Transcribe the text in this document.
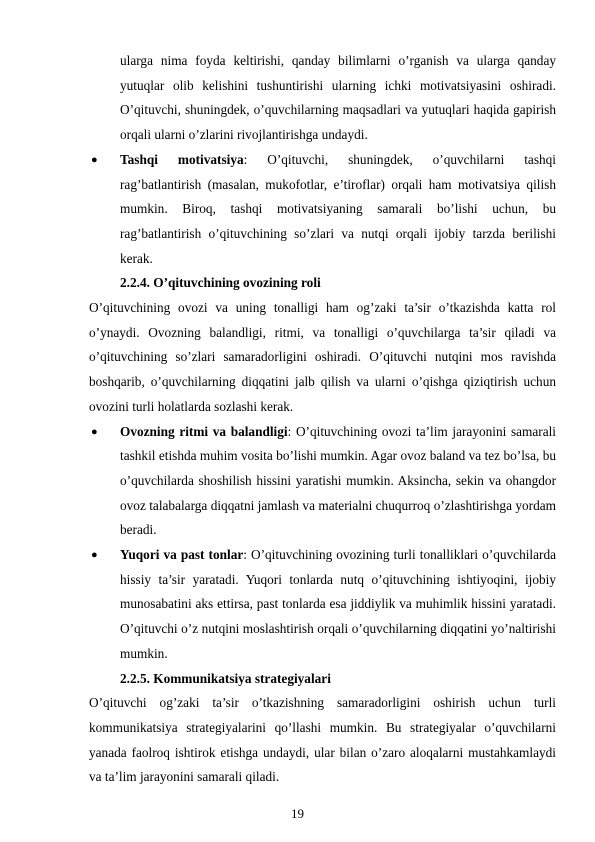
ularga nima foyda keltirishi, qanday bilimlarni o’rganish va ularga qanday yutuqlar olib kelishini tushuntirishi ularning ichki motivatsiyasini oshiradi. O’qituvchi, shuningdek, o’quvchilarning maqsadlari va yutuqlari haqida gapirish orqali ularni o’zlarini rivojlantirishga undaydi.

● Tashqi motivatsiya: O’qituvchi, shuningdek, o’quvchilarni tashqi rag’batlantirish (masalan, mukofotlar, e’tiroflar) orqali ham motivatsiya qilish mumkin. Biroq, tashqi motivatsiyaning samarali bo’lishi uchun, bu rag’batlantirish o’qituvchining so’zlari va nutqi orqali ijobiy tarzda berilishi kerak.

2.2.4. O’qituvchining ovozining roli

O’qituvchining ovozi va uning tonalligi ham og’zaki ta’sir o’tkazishda katta rol o’ynaydi. Ovozning balandligi, ritmi, va tonalligi o’quvchilarga ta’sir qiladi va o’qituvchining so’zlari samaradorligini oshiradi. O’qituvchi nutqini mos ravishda boshqarib, o’quvchilarning diqqatini jalb qilish va ularni o’qishga qiziqtirish uchun ovozini turli holatlarda sozlashi kerak.

● Ovozning ritmi va balandligi: O’qituvchining ovozi ta’lim jarayonini samarali tashkil etishda muhim vosita bo’lishi mumkin. Agar ovoz baland va tez bo’lsa, bu o’quvchilarda shoshilish hissini yaratishi mumkin. Aksincha, sekin va ohangdor ovoz talabalarga diqqatni jamlash va materialni chuqurroq o’zlashtirishga yordam beradi.
● Yuqori va past tonlar: O’qituvchining ovozining turli tonalliklari o’quvchilarda hissiy ta’sir yaratadi. Yuqori tonlarda nutq o’qituvchining ishtiyoqini, ijobiy munosabatini aks ettirsa, past tonlarda esa jiddiylik va muhimlik hissini yaratadi. O’qituvchi o’z nutqini moslashtirish orqali o’quvchilarning diqqatini yo’naltirishi mumkin.

2.2.5. Kommunikatsiya strategiyalari

O’qituvchi og’zaki ta’sir o’tkazishning samaradorligini oshirish uchun turli kommunikatsiya strategiyalarini qo’llashi mumkin. Bu strategiyalar o’quvchilarni yanada faolroq ishtirok etishga undaydi, ular bilan o’zaro aloqalarni mustahkamlaydi va ta’lim jarayonini samarali qiladi.

19
